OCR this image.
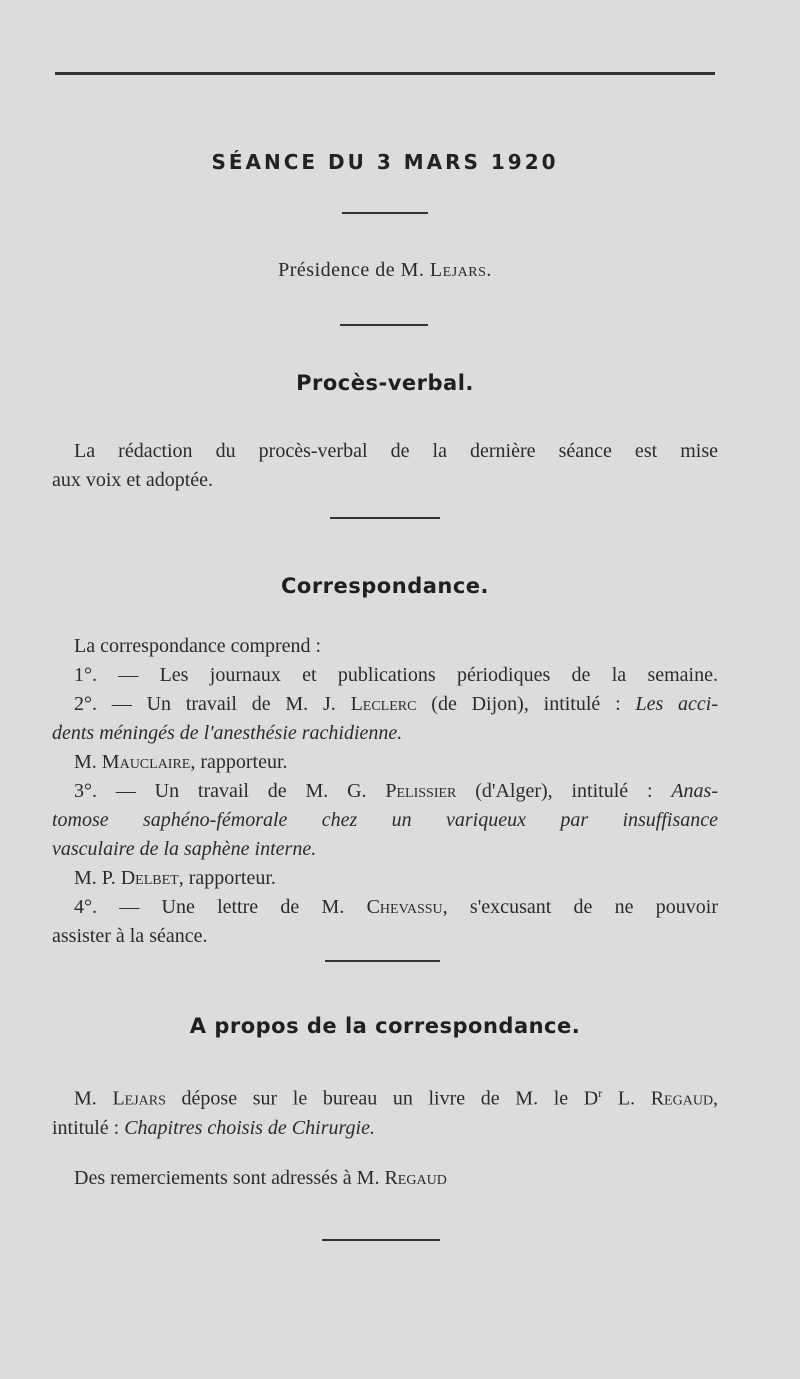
SÉANCE DU 3 MARS 1920
Présidence de M. Lejars.
Procès-verbal.
La rédaction du procès-verbal de la dernière séance est mise
aux voix et adoptée.
Correspondance.
La correspondance comprend :
1°. — Les journaux et publications périodiques de la semaine.
2°. — Un travail de M. J. Leclerc (de Dijon), intitulé : Les acci-
dents méningés de l'anesthésie rachidienne.
M. Mauclaire, rapporteur.
3°. — Un travail de M. G. Pelissier (d'Alger), intitulé : Anas-
tomose saphéno-fémorale chez un variqueux par insuffisance
vasculaire de la saphène interne.
M. P. Delbet, rapporteur.
4°. — Une lettre de M. Chevassu, s'excusant de ne pouvoir
assister à la séance.
A propos de la correspondance.
M. Lejars dépose sur le bureau un livre de M. le $D^r$ L. Regaud,
intitulé : Chapitres choisis de Chirurgie.
Des remerciements sont adressés à M. Regaud
